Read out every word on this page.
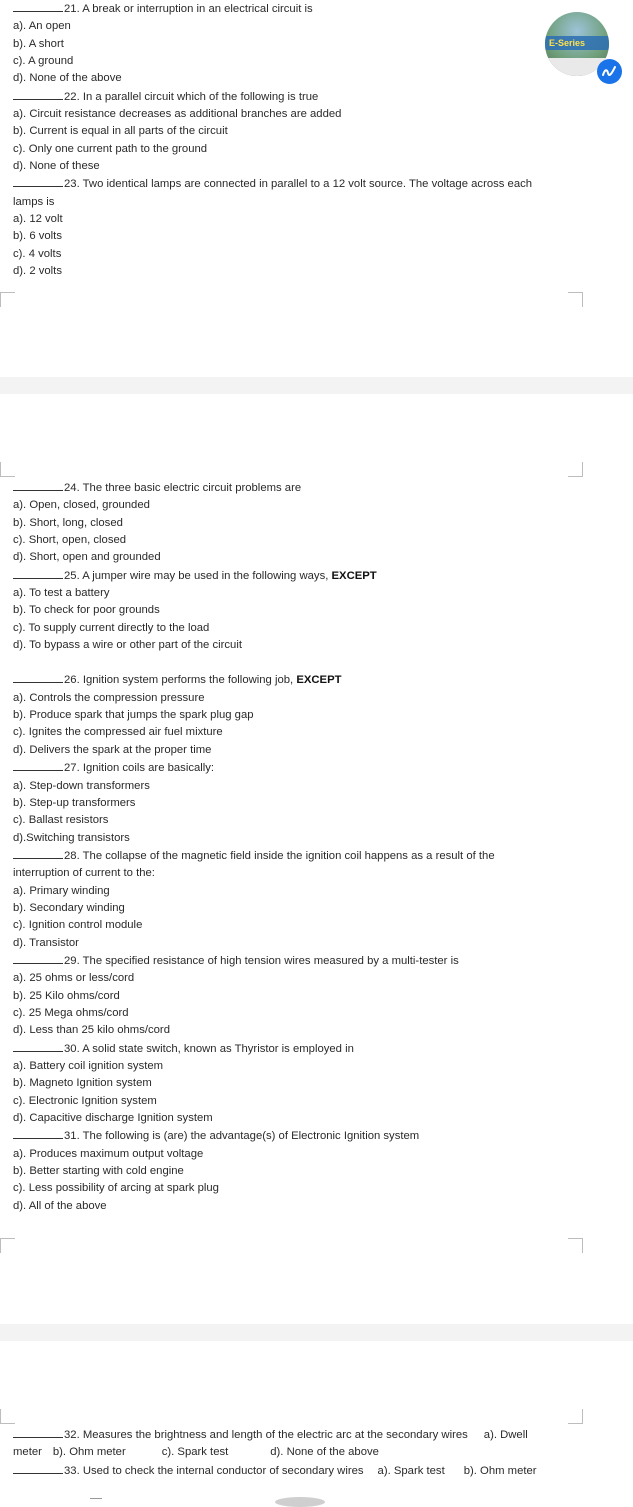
E-Series
21. A break or interruption in an electrical circuit is
a). An open
b). A short
c). A ground
d). None of the above
22. In a parallel circuit which of the following is true
a). Circuit resistance decreases as additional branches are added
b). Current is equal in all parts of the circuit
c). Only one current path to the ground
d). None of these
23. Two identical lamps are connected in parallel to a 12 volt source. The voltage across each
lamps is
a). 12 volt
b). 6 volts
c). 4 volts
d). 2 volts
24. The three basic electric circuit problems are
a). Open, closed, grounded
b). Short, long, closed
c). Short, open, closed
d). Short, open and grounded
25. A jumper wire may be used in the following ways, EXCEPT
a). To test a battery
b). To check for poor grounds
c). To supply current directly to the load
d). To bypass a wire or other part of the circuit
26. Ignition system performs the following job, EXCEPT
a). Controls the compression pressure
b). Produce spark that jumps the spark plug gap
c). Ignites the compressed air fuel mixture
d). Delivers the spark at the proper time
27. Ignition coils are basically:
a). Step-down transformers
b). Step-up transformers
c). Ballast resistors
d).Switching transistors
28. The collapse of the magnetic field inside the ignition coil happens as a result of the
interruption of current to the:
a). Primary winding
b). Secondary winding
c). Ignition control module
d). Transistor
29. The specified resistance of high tension wires measured by a multi-tester is
a). 25 ohms or less/cord
b). 25 Kilo ohms/cord
c). 25 Mega ohms/cord
d). Less than 25 kilo ohms/cord
30. A solid state switch, known as Thyristor is employed in
a). Battery coil ignition system
b). Magneto Ignition system
c). Electronic Ignition system
d). Capacitive discharge Ignition system
31. The following is (are) the advantage(s) of Electronic Ignition system
a). Produces maximum output voltage
b). Better starting with cold engine
c). Less possibility of arcing at spark plug
d). All of the above
32. Measures the brightness and length of the electric arc at the secondary wires a). Dwell
meter b). Ohm meter	c). Spark test	d). None of the above
33. Used to check the internal conductor of secondary wires a). Spark test b). Ohm meter
